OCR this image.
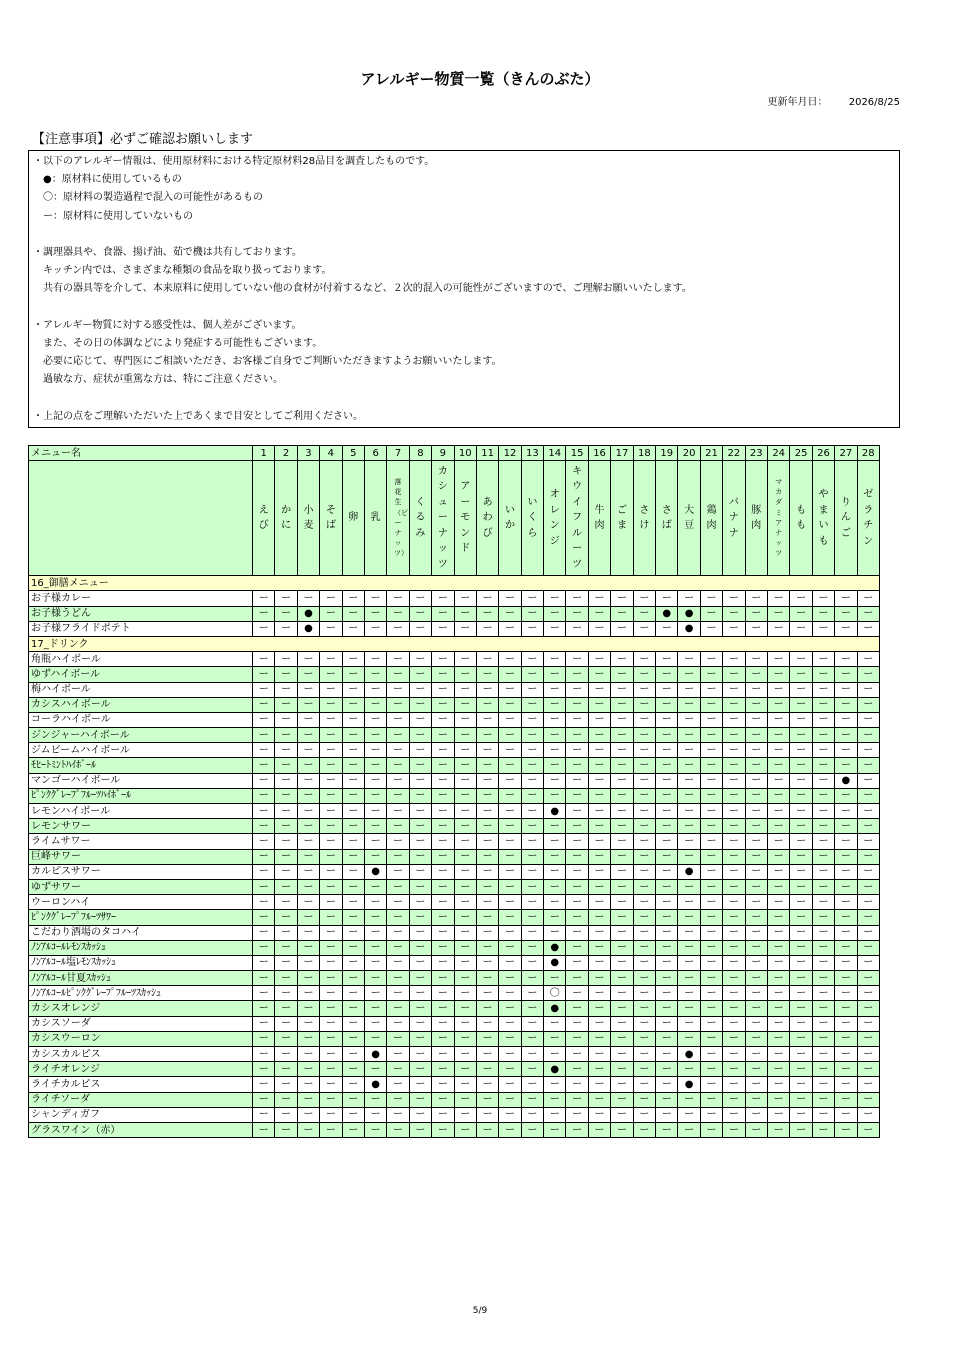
アレルギー物質一覧（きんのぶた）
更新年月日： 2026/8/25
【注意事項】必ずご確認お願いします
・以下のアレルギー情報は、使用原材料における特定原材料28品目を調査したものです。
　●：原材料に使用しているもの
　〇：原材料の製造過程で混入の可能性があるもの
　ー：原材料に使用していないもの

・調理器具や、食器、揚げ油、茹で機は共有しております。
　キッチン内では、さまざまな種類の食品を取り扱っております。
　共有の器具等を介して、本来原料に使用していない他の食材が付着するなど、２次的混入の可能性がございますので、ご理解お願いいたします。

・アレルギー物質に対する感受性は、個人差がございます。
　また、その日の体調などにより発症する可能性もございます。
　必要に応じて、専門医にご相談いただき、お客様ご自身でご判断いただきますようお願いいたします。
　過敏な方、症状が重篤な方は、特にご注意ください。

・上記の点をご理解いただいた上であくまで目安としてご利用ください。
メニュー名	1	2	3	4	5	6	7	8	9	10	11	12	13	14	15	16	17	18	19	20	21	22	23	24	25	26	27	28
	えび	かに	小麦	そば	卵	乳	落花生（ピーナッツ）	くるみ	カシューナッツ	アーモンド	あわび	いか	いくら	オレンジ	キウイフルーツ	牛肉	ごま	さけ	さば	大豆	鶏肉	バナナ	豚肉	マカダミアナッツ	もも	やまいも	りんご	ゼラチン
16_御膳メニュー																												
お子様カレー	ー	ー	ー	ー	ー	ー	ー	ー	ー	ー	ー	ー	ー	ー	ー	ー	ー	ー	ー	ー	ー	ー	ー	ー	ー	ー	ー	ー
お子様うどん	ー	ー	●	ー	ー	ー	ー	ー	ー	ー	ー	ー	ー	ー	ー	ー	ー	ー	●	●	ー	ー	ー	ー	ー	ー	ー	ー
お子様フライドポテト	ー	ー	●	ー	ー	ー	ー	ー	ー	ー	ー	ー	ー	ー	ー	ー	ー	ー	ー	●	ー	ー	ー	ー	ー	ー	ー	ー
17_ドリンク																												
角瓶ハイボール	ー	ー	ー	ー	ー	ー	ー	ー	ー	ー	ー	ー	ー	ー	ー	ー	ー	ー	ー	ー	ー	ー	ー	ー	ー	ー	ー	ー
ゆずハイボール	ー	ー	ー	ー	ー	ー	ー	ー	ー	ー	ー	ー	ー	ー	ー	ー	ー	ー	ー	ー	ー	ー	ー	ー	ー	ー	ー	ー
梅ハイボール	ー	ー	ー	ー	ー	ー	ー	ー	ー	ー	ー	ー	ー	ー	ー	ー	ー	ー	ー	ー	ー	ー	ー	ー	ー	ー	ー	ー
カシスハイボール	ー	ー	ー	ー	ー	ー	ー	ー	ー	ー	ー	ー	ー	ー	ー	ー	ー	ー	ー	ー	ー	ー	ー	ー	ー	ー	ー	ー
コーラハイボール	ー	ー	ー	ー	ー	ー	ー	ー	ー	ー	ー	ー	ー	ー	ー	ー	ー	ー	ー	ー	ー	ー	ー	ー	ー	ー	ー	ー
ジンジャーハイボール	ー	ー	ー	ー	ー	ー	ー	ー	ー	ー	ー	ー	ー	ー	ー	ー	ー	ー	ー	ー	ー	ー	ー	ー	ー	ー	ー	ー
ジムビームハイボール	ー	ー	ー	ー	ー	ー	ー	ー	ー	ー	ー	ー	ー	ー	ー	ー	ー	ー	ー	ー	ー	ー	ー	ー	ー	ー	ー	ー
ﾓﾋｰﾄﾐﾝﾄﾊｲﾎﾞｰﾙ	ー	ー	ー	ー	ー	ー	ー	ー	ー	ー	ー	ー	ー	ー	ー	ー	ー	ー	ー	ー	ー	ー	ー	ー	ー	ー	ー	ー
マンゴーハイボール	ー	ー	ー	ー	ー	ー	ー	ー	ー	ー	ー	ー	ー	ー	ー	ー	ー	ー	ー	ー	ー	ー	ー	ー	ー	ー	●	ー
ﾋﾟﾝｸｸﾞﾚｰﾌﾟﾌﾙｰﾂﾊｲﾎﾞｰﾙ	ー	ー	ー	ー	ー	ー	ー	ー	ー	ー	ー	ー	ー	ー	ー	ー	ー	ー	ー	ー	ー	ー	ー	ー	ー	ー	ー	ー
レモンハイボール	ー	ー	ー	ー	ー	ー	ー	ー	ー	ー	ー	ー	ー	●	ー	ー	ー	ー	ー	ー	ー	ー	ー	ー	ー	ー	ー	ー
レモンサワー	ー	ー	ー	ー	ー	ー	ー	ー	ー	ー	ー	ー	ー	ー	ー	ー	ー	ー	ー	ー	ー	ー	ー	ー	ー	ー	ー	ー
ライムサワー	ー	ー	ー	ー	ー	ー	ー	ー	ー	ー	ー	ー	ー	ー	ー	ー	ー	ー	ー	ー	ー	ー	ー	ー	ー	ー	ー	ー
巨峰サワー	ー	ー	ー	ー	ー	ー	ー	ー	ー	ー	ー	ー	ー	ー	ー	ー	ー	ー	ー	ー	ー	ー	ー	ー	ー	ー	ー	ー
カルピスサワー	ー	ー	ー	ー	ー	●	ー	ー	ー	ー	ー	ー	ー	ー	ー	ー	ー	ー	ー	●	ー	ー	ー	ー	ー	ー	ー	ー
ゆずサワー	ー	ー	ー	ー	ー	ー	ー	ー	ー	ー	ー	ー	ー	ー	ー	ー	ー	ー	ー	ー	ー	ー	ー	ー	ー	ー	ー	ー
ウーロンハイ	ー	ー	ー	ー	ー	ー	ー	ー	ー	ー	ー	ー	ー	ー	ー	ー	ー	ー	ー	ー	ー	ー	ー	ー	ー	ー	ー	ー
ﾋﾟﾝｸｸﾞﾚｰﾌﾟﾌﾙｰﾂｻﾜｰ	ー	ー	ー	ー	ー	ー	ー	ー	ー	ー	ー	ー	ー	ー	ー	ー	ー	ー	ー	ー	ー	ー	ー	ー	ー	ー	ー	ー
こだわり酒場のタコハイ	ー	ー	ー	ー	ー	ー	ー	ー	ー	ー	ー	ー	ー	ー	ー	ー	ー	ー	ー	ー	ー	ー	ー	ー	ー	ー	ー	ー
ﾉﾝｱﾙｺｰﾙﾚﾓﾝｽｶｯｼｭ	ー	ー	ー	ー	ー	ー	ー	ー	ー	ー	ー	ー	ー	●	ー	ー	ー	ー	ー	ー	ー	ー	ー	ー	ー	ー	ー	ー
ﾉﾝｱﾙｺｰﾙ塩ﾚﾓﾝｽｶｯｼｭ	ー	ー	ー	ー	ー	ー	ー	ー	ー	ー	ー	ー	ー	●	ー	ー	ー	ー	ー	ー	ー	ー	ー	ー	ー	ー	ー	ー
ﾉﾝｱﾙｺｰﾙ甘夏ｽｶｯｼｭ	ー	ー	ー	ー	ー	ー	ー	ー	ー	ー	ー	ー	ー	ー	ー	ー	ー	ー	ー	ー	ー	ー	ー	ー	ー	ー	ー	ー
ﾉﾝｱﾙｺｰﾙﾋﾟﾝｸｸﾞﾚｰﾌﾟﾌﾙｰﾂｽｶｯｼｭ	ー	ー	ー	ー	ー	ー	ー	ー	ー	ー	ー	ー	ー	〇	ー	ー	ー	ー	ー	ー	ー	ー	ー	ー	ー	ー	ー	ー
カシスオレンジ	ー	ー	ー	ー	ー	ー	ー	ー	ー	ー	ー	ー	ー	●	ー	ー	ー	ー	ー	ー	ー	ー	ー	ー	ー	ー	ー	ー
カシスソーダ	ー	ー	ー	ー	ー	ー	ー	ー	ー	ー	ー	ー	ー	ー	ー	ー	ー	ー	ー	ー	ー	ー	ー	ー	ー	ー	ー	ー
カシスウーロン	ー	ー	ー	ー	ー	ー	ー	ー	ー	ー	ー	ー	ー	ー	ー	ー	ー	ー	ー	ー	ー	ー	ー	ー	ー	ー	ー	ー
カシスカルピス	ー	ー	ー	ー	ー	●	ー	ー	ー	ー	ー	ー	ー	ー	ー	ー	ー	ー	ー	●	ー	ー	ー	ー	ー	ー	ー	ー
ライチオレンジ	ー	ー	ー	ー	ー	ー	ー	ー	ー	ー	ー	ー	ー	●	ー	ー	ー	ー	ー	ー	ー	ー	ー	ー	ー	ー	ー	ー
ライチカルピス	ー	ー	ー	ー	ー	●	ー	ー	ー	ー	ー	ー	ー	ー	ー	ー	ー	ー	ー	●	ー	ー	ー	ー	ー	ー	ー	ー
ライチソーダ	ー	ー	ー	ー	ー	ー	ー	ー	ー	ー	ー	ー	ー	ー	ー	ー	ー	ー	ー	ー	ー	ー	ー	ー	ー	ー	ー	ー
シャンディガフ	ー	ー	ー	ー	ー	ー	ー	ー	ー	ー	ー	ー	ー	ー	ー	ー	ー	ー	ー	ー	ー	ー	ー	ー	ー	ー	ー	ー
グラスワイン（赤）	ー	ー	ー	ー	ー	ー	ー	ー	ー	ー	ー	ー	ー	ー	ー	ー	ー	ー	ー	ー	ー	ー	ー	ー	ー	ー	ー	ー
5/9
